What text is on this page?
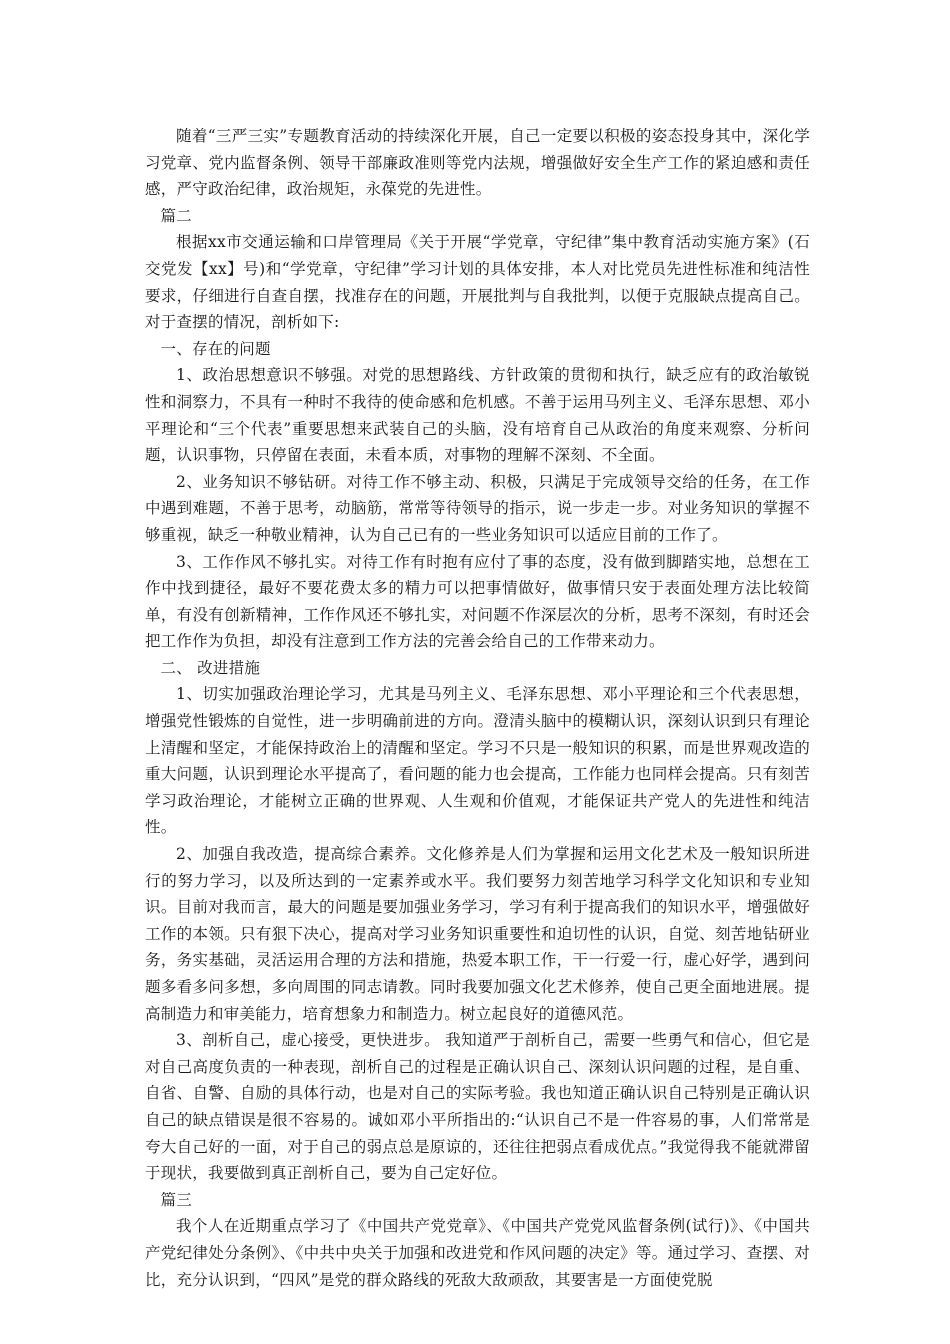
随着“三严三实”专题教育活动的持续深化开展，自己一定要以积极的姿态投身其中，深化学习党章、党内监督条例、领导干部廉政准则等党内法规，增强做好安全生产工作的紧迫感和责任感，严守政治纪律，政治规矩，永葆党的先进性。

篇二

根据xx市交通运输和口岸管理局《关于开展“学党章，守纪律”集中教育活动实施方案》(石交党发【xx】号)和“学党章，守纪律”学习计划的具体安排，本人对比党员先进性标准和纯洁性要求，仔细进行自查自摆，找准存在的问题，开展批判与自我批判，以便于克服缺点提高自己。对于查摆的情况，剖析如下:

一、存在的问题

1、政治思想意识不够强。对党的思想路线、方针政策的贯彻和执行，缺乏应有的政治敏锐性和洞察力，不具有一种时不我待的使命感和危机感。不善于运用马列主义、毛泽东思想、邓小平理论和“三个代表”重要思想来武装自己的头脑，没有培育自己从政治的角度来观察、分析问题，认识事物，只停留在表面，未看本质，对事物的理解不深刻、不全面。

2、业务知识不够钻研。对待工作不够主动、积极，只满足于完成领导交给的任务，在工作中遇到难题，不善于思考，动脑筋，常常等待领导的指示，说一步走一步。对业务知识的掌握不够重视，缺乏一种敬业精神，认为自己已有的一些业务知识可以适应目前的工作了。

3、工作作风不够扎实。对待工作有时抱有应付了事的态度，没有做到脚踏实地，总想在工作中找到捷径，最好不要花费太多的精力可以把事情做好，做事情只安于表面处理方法比较简单，有没有创新精神，工作作风还不够扎实，对问题不作深层次的分析，思考不深刻，有时还会把工作作为负担，却没有注意到工作方法的完善会给自己的工作带来动力。

二、 改进措施

1、切实加强政治理论学习，尤其是马列主义、毛泽东思想、邓小平理论和三个代表思想，增强党性锻炼的自觉性，进一步明确前进的方向。澄清头脑中的模糊认识，深刻认识到只有理论上清醒和坚定，才能保持政治上的清醒和坚定。学习不只是一般知识的积累，而是世界观改造的重大问题，认识到理论水平提高了，看问题的能力也会提高，工作能力也同样会提高。只有刻苦学习政治理论，才能树立正确的世界观、人生观和价值观，才能保证共产党人的先进性和纯洁性。

2、加强自我改造，提高综合素养。文化修养是人们为掌握和运用文化艺术及一般知识所进行的努力学习，以及所达到的一定素养或水平。我们要努力刻苦地学习科学文化知识和专业知识。目前对我而言，最大的问题是要加强业务学习，学习有利于提高我们的知识水平，增强做好工作的本领。只有狠下决心，提高对学习业务知识重要性和迫切性的认识，自觉、刻苦地钻研业务，务实基础，灵活运用合理的方法和措施，热爱本职工作，干一行爱一行，虚心好学，遇到问题多看多问多想，多向周围的同志请教。同时我要加强文化艺术修养，使自己更全面地进展。提高制造力和审美能力，培育想象力和制造力。树立起良好的道德风范。

3、剖析自己，虚心接受，更快进步。 我知道严于剖析自己，需要一些勇气和信心，但它是对自己高度负责的一种表现，剖析自己的过程是正确认识自己、深刻认识问题的过程，是自重、自省、自警、自励的具体行动，也是对自己的实际考验。我也知道正确认识自己特别是正确认识自己的缺点错误是很不容易的。诚如邓小平所指出的:“认识自己不是一件容易的事，人们常常是夸大自己好的一面，对于自己的弱点总是原谅的，还往往把弱点看成优点。”我觉得我不能就滞留于现状，我要做到真正剖析自己，要为自己定好位。

篇三

我个人在近期重点学习了《中国共产党党章》、《中国共产党党风监督条例(试行)》、《中国共产党纪律处分条例》、《中共中央关于加强和改进党和作风问题的决定》等。通过学习、查摆、对比，充分认识到，“四风”是党的群众路线的死敌大敌顽敌，其要害是一方面使党脱
